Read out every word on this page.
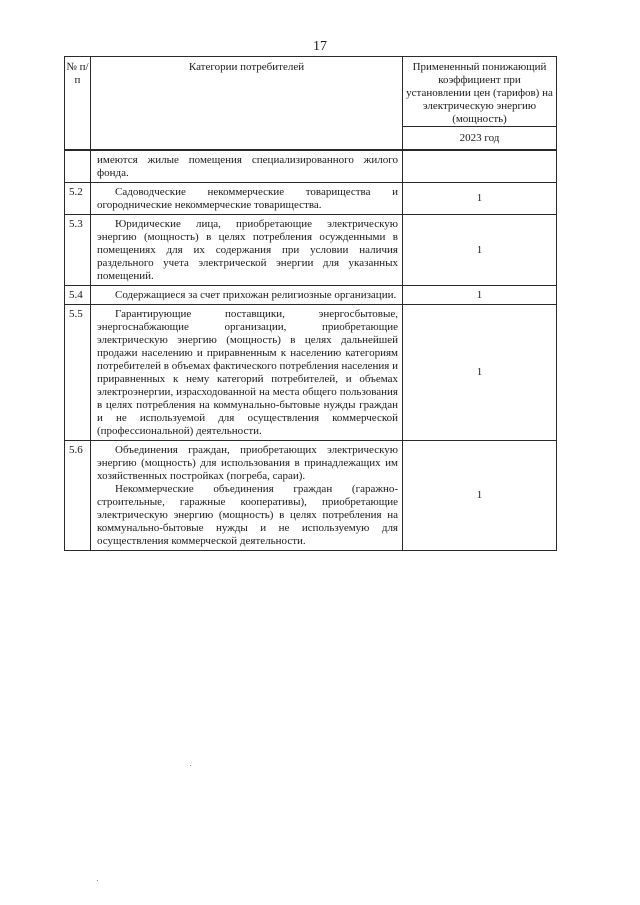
17
№ п/п	Категории потребителей	Примененный понижающий коэффициент при установлении цен (тарифов) на электрическую энергию (мощность)
		2023 год

	имеются жилые помещения специализированного жилого фонда.	

5.2	Садоводческие некоммерческие товарищества и огороднические некоммерческие товарищества.	1
5.3	Юридические лица, приобретающие электрическую энергию (мощность) в целях потребления осужденными в помещениях для их содержания при условии наличия раздельного учета электрической энергии для указанных помещений.	1
5.4	Содержащиеся за счет прихожан религиозные организации.	1
5.5	Гарантирующие поставщики, энергосбытовые, энергоснабжающие организации, приобретающие электрическую энергию (мощность) в целях дальнейшей продажи населению и приравненным к населению категориям потребителей в объемах фактического потребления населения и приравненных к нему категорий потребителей, и объемах электроэнергии, израсходованной на места общего пользования в целях потребления на коммунально-бытовые нужды граждан и не используемой для осуществления коммерческой (профессиональной) деятельности.	1
5.6	Объединения граждан, приобретающих электрическую энергию (мощность) для использования в принадлежащих им хозяйственных постройках (погреба, сараи).

Некоммерческие объединения граждан (гаражно-строительные, гаражные кооперативы), приобретающие электрическую энергию (мощность) в целях потребления на коммунально-бытовые нужды и не используемую для осуществления коммерческой деятельности.	1
